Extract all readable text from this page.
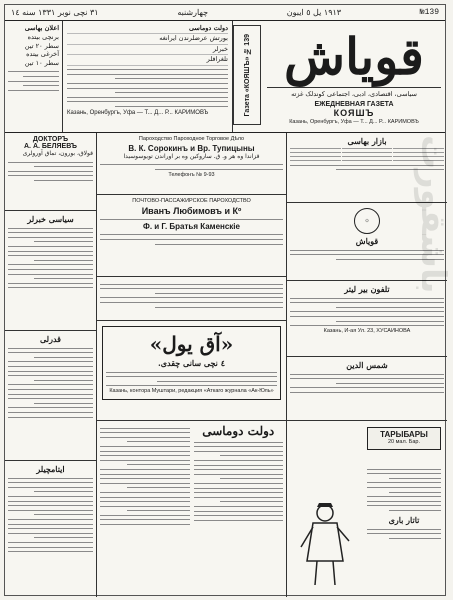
№139
۱۹۱۳ یل ٥ ایبون
چهارشنبه
۳۱ نچی نوبر ۱۳۳۱ سنه ١٤
اعلان بهاسی
برنچی بیتده
سطر ٢٠ تین
آخرغی بیتده
سطر ١٠ تین
دولت دوماسی
بورتش عرضلرندن ایرانغه
خبرلر
تلغرافلر
Казань, Оренбургъ, Уфа — Т... Д... Р... КАРИМОВЪ	Газета «КОЯШЪ» № 139 قویاش
سیاسی، اقتصادی، ادبی، اجتماعی کوندلک غزته
ЕЖЕДНЕВНАЯ ГАЗЕТА
КОЯШЪ
Казань, Оренбургъ, Уфа — Т... Д... Р... КАРИМОВЪ
ДОКТОРЪ
А. А. БЕЛЯЕВЪ
قولاق، بورون، تماق آورولری
سیاسی خبرلر
قدرلی
ایتامچیلر
Пароходство Пароходное Торговое Дѣло
В. К. Сорокинъ и Вр. Тупицыны
قزاندا وه هر و. ق. ساروکین وه بر اوراندن تویوسوسیدا
Телефонъ № 9-93
ПОЧТОВО-ПАССАЖИРСКОЕ ПАРОХОДСТВО
Иванъ Любимовъ и Кº
Ф. и Г. Братья Каменскіе
«آق یول»
٤ نچی سانی چقدی.
Казань, контора Муштари, редакция «Аткаго журнала «Ак-Юль»
دولت دوماسی
بازار بهاسی
☼
قویاش
تلفون بیر لیتر
Казань, И-ая Ул. 23, ХУСАИНОВА
شمس الدین
ТАРЫБАРЫ
20 мал. Бар.
تاتار باری
باشقورت
